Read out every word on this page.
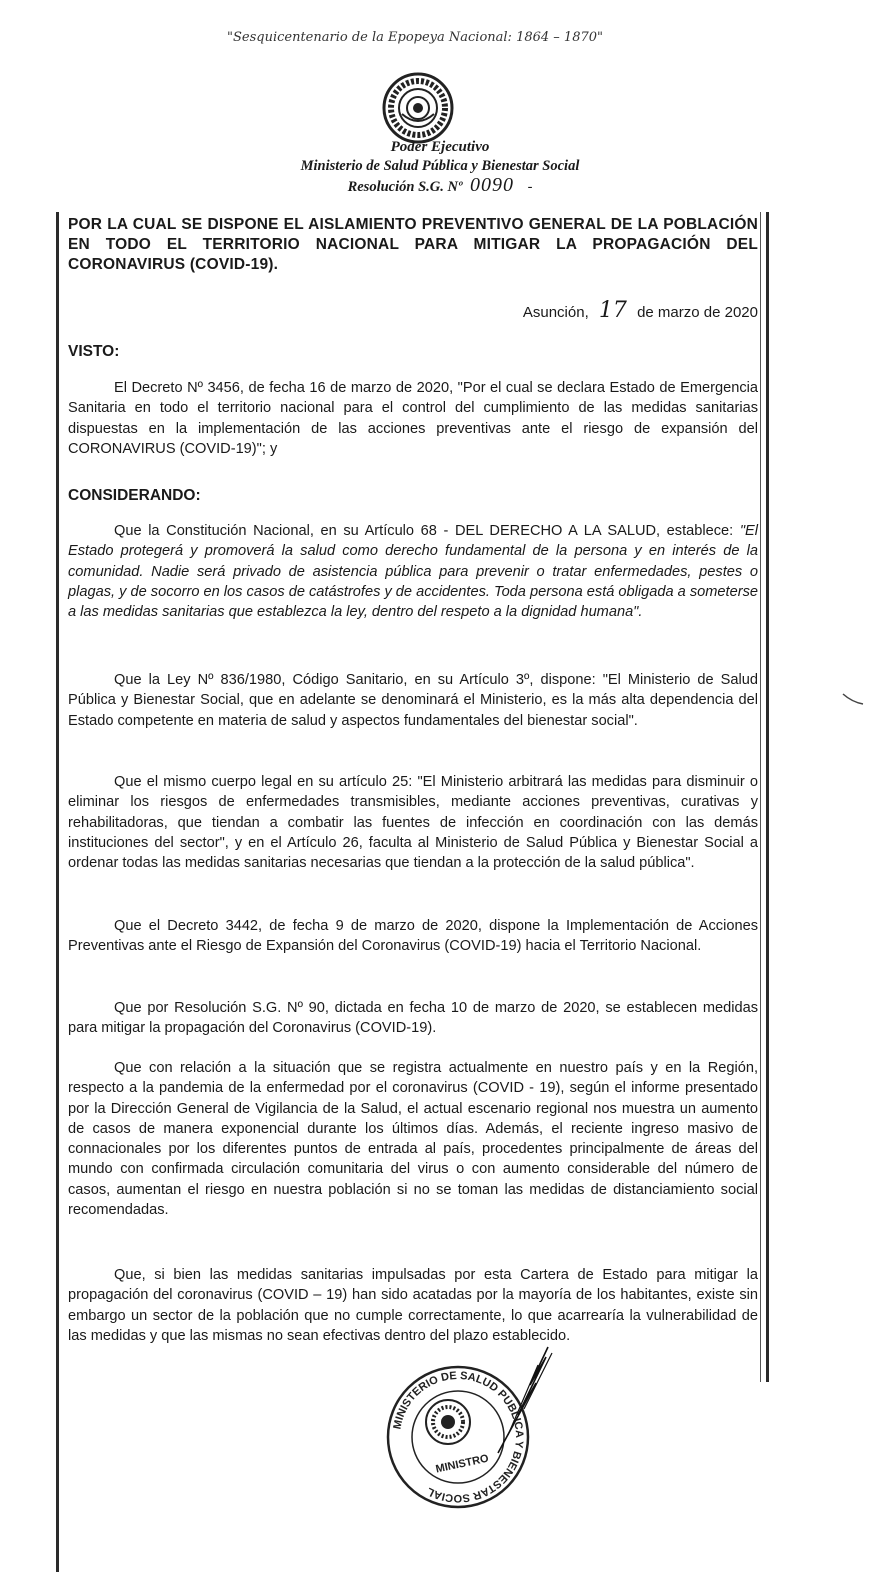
"Sesquicentenario de la Epopeya Nacional: 1864 – 1870"
Poder Ejecutivo
Ministerio de Salud Pública y Bienestar Social
Resolución S.G. Nº 0090 -
POR LA CUAL SE DISPONE EL AISLAMIENTO PREVENTIVO GENERAL DE LA POBLACIÓN EN TODO EL TERRITORIO NACIONAL PARA MITIGAR LA PROPAGACIÓN DEL CORONAVIRUS (COVID-19).
Asunción, 17 de marzo de 2020
VISTO:
El Decreto Nº 3456, de fecha 16 de marzo de 2020, "Por el cual se declara Estado de Emergencia Sanitaria en todo el territorio nacional para el control del cumplimiento de las medidas sanitarias dispuestas en la implementación de las acciones preventivas ante el riesgo de expansión del CORONAVIRUS (COVID-19)"; y
CONSIDERANDO:
Que la Constitución Nacional, en su Artículo 68 - DEL DERECHO A LA SALUD, establece: "El Estado protegerá y promoverá la salud como derecho fundamental de la persona y en interés de la comunidad. Nadie será privado de asistencia pública para prevenir o tratar enfermedades, pestes o plagas, y de socorro en los casos de catástrofes y de accidentes. Toda persona está obligada a someterse a las medidas sanitarias que establezca la ley, dentro del respeto a la dignidad humana".
Que la Ley Nº 836/1980, Código Sanitario, en su Artículo 3º, dispone: "El Ministerio de Salud Pública y Bienestar Social, que en adelante se denominará el Ministerio, es la más alta dependencia del Estado competente en materia de salud y aspectos fundamentales del bienestar social".
Que el mismo cuerpo legal en su artículo 25: "El Ministerio arbitrará las medidas para disminuir o eliminar los riesgos de enfermedades transmisibles, mediante acciones preventivas, curativas y rehabilitadoras, que tiendan a combatir las fuentes de infección en coordinación con las demás instituciones del sector", y en el Artículo 26, faculta al Ministerio de Salud Pública y Bienestar Social a ordenar todas las medidas sanitarias necesarias que tiendan a la protección de la salud pública".
Que el Decreto 3442, de fecha 9 de marzo de 2020, dispone la Implementación de Acciones Preventivas ante el Riesgo de Expansión del Coronavirus (COVID-19) hacia el Territorio Nacional.
Que por Resolución S.G. Nº 90, dictada en fecha 10 de marzo de 2020, se establecen medidas para mitigar la propagación del Coronavirus (COVID-19).
Que con relación a la situación que se registra actualmente en nuestro país y en la Región, respecto a la pandemia de la enfermedad por el coronavirus (COVID - 19), según el informe presentado por la Dirección General de Vigilancia de la Salud, el actual escenario regional nos muestra un aumento de casos de manera exponencial durante los últimos días. Además, el reciente ingreso masivo de connacionales por los diferentes puntos de entrada al país, procedentes principalmente de áreas del mundo con confirmada circulación comunitaria del virus o con aumento considerable del número de casos, aumentan el riesgo en nuestra población si no se toman las medidas de distanciamiento social recomendadas.
Que, si bien las medidas sanitarias impulsadas por esta Cartera de Estado para mitigar la propagación del coronavirus (COVID – 19) han sido acatadas por la mayoría de los habitantes, existe sin embargo un sector de la población que no cumple correctamente, lo que acarrearía la vulnerabilidad de las medidas y que las mismas no sean efectivas dentro del plazo establecido.
MINISTERIO DE SALUD PUBLICA Y BIENESTAR SOCIAL
MINISTRO
